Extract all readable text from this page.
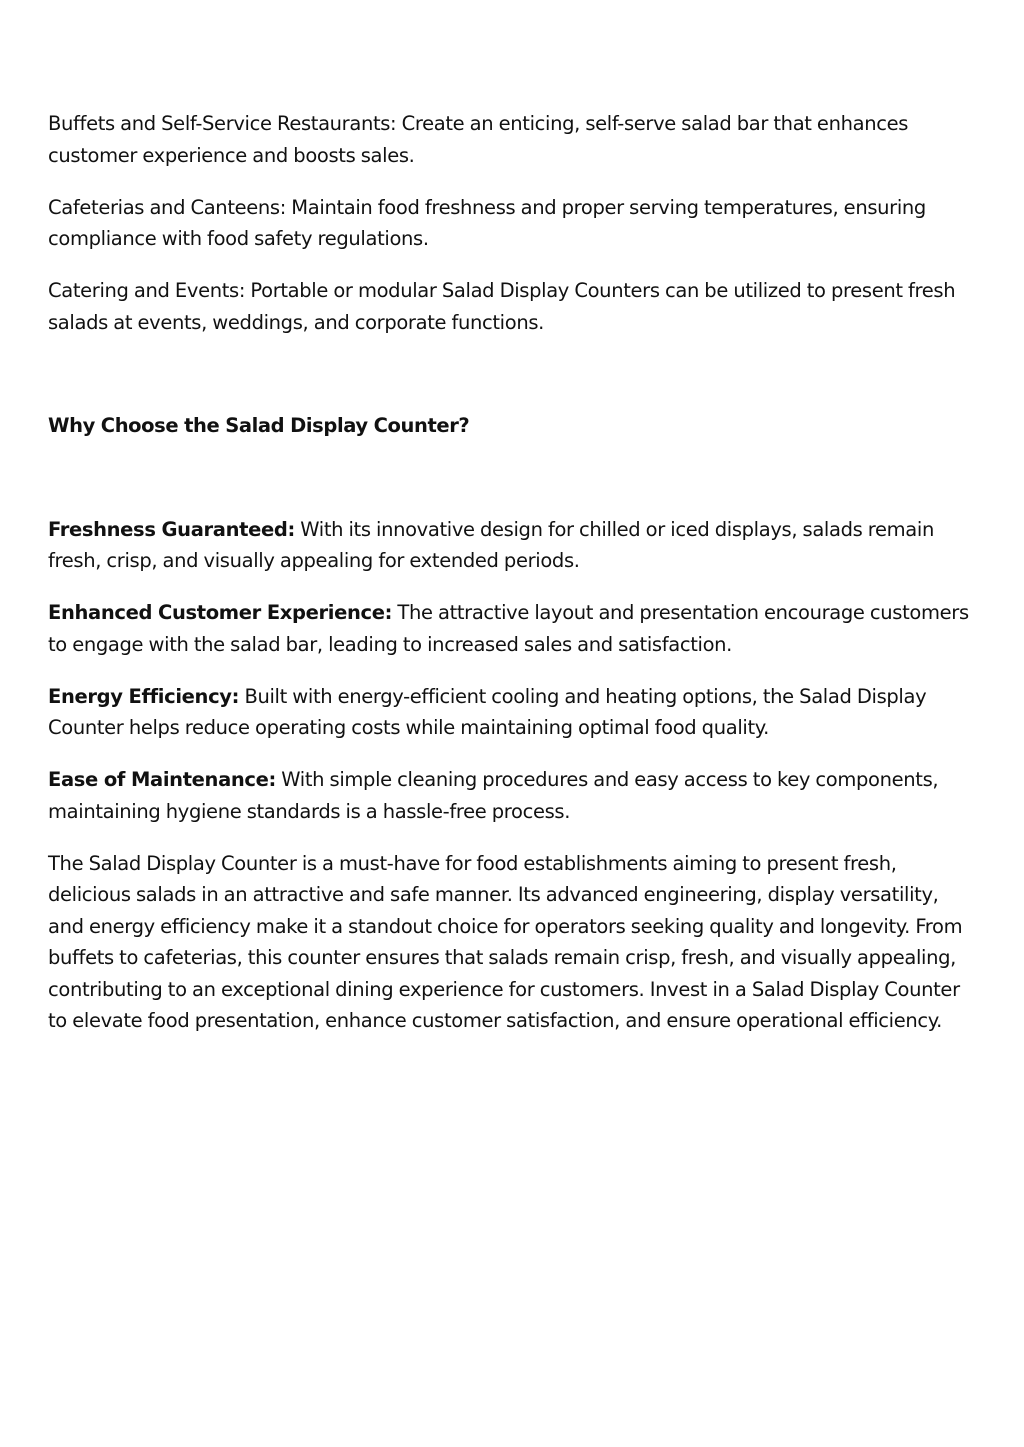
Buffets and Self-Service Restaurants: Create an enticing, self-serve salad bar that enhances customer experience and boosts sales.

Cafeterias and Canteens: Maintain food freshness and proper serving temperatures, ensuring compliance with food safety regulations.

Catering and Events: Portable or modular Salad Display Counters can be utilized to present fresh salads at events, weddings, and corporate functions.

Why Choose the Salad Display Counter?

Freshness Guaranteed: With its innovative design for chilled or iced displays, salads remain fresh, crisp, and visually appealing for extended periods.

Enhanced Customer Experience: The attractive layout and presentation encourage customers to engage with the salad bar, leading to increased sales and satisfaction.

Energy Efficiency: Built with energy-efficient cooling and heating options, the Salad Display Counter helps reduce operating costs while maintaining optimal food quality.

Ease of Maintenance: With simple cleaning procedures and easy access to key components, maintaining hygiene standards is a hassle-free process.

The Salad Display Counter is a must-have for food establishments aiming to present fresh, delicious salads in an attractive and safe manner. Its advanced engineering, display versatility, and energy efficiency make it a standout choice for operators seeking quality and longevity. From buffets to cafeterias, this counter ensures that salads remain crisp, fresh, and visually appealing, contributing to an exceptional dining experience for customers. Invest in a Salad Display Counter to elevate food presentation, enhance customer satisfaction, and ensure operational efficiency.
